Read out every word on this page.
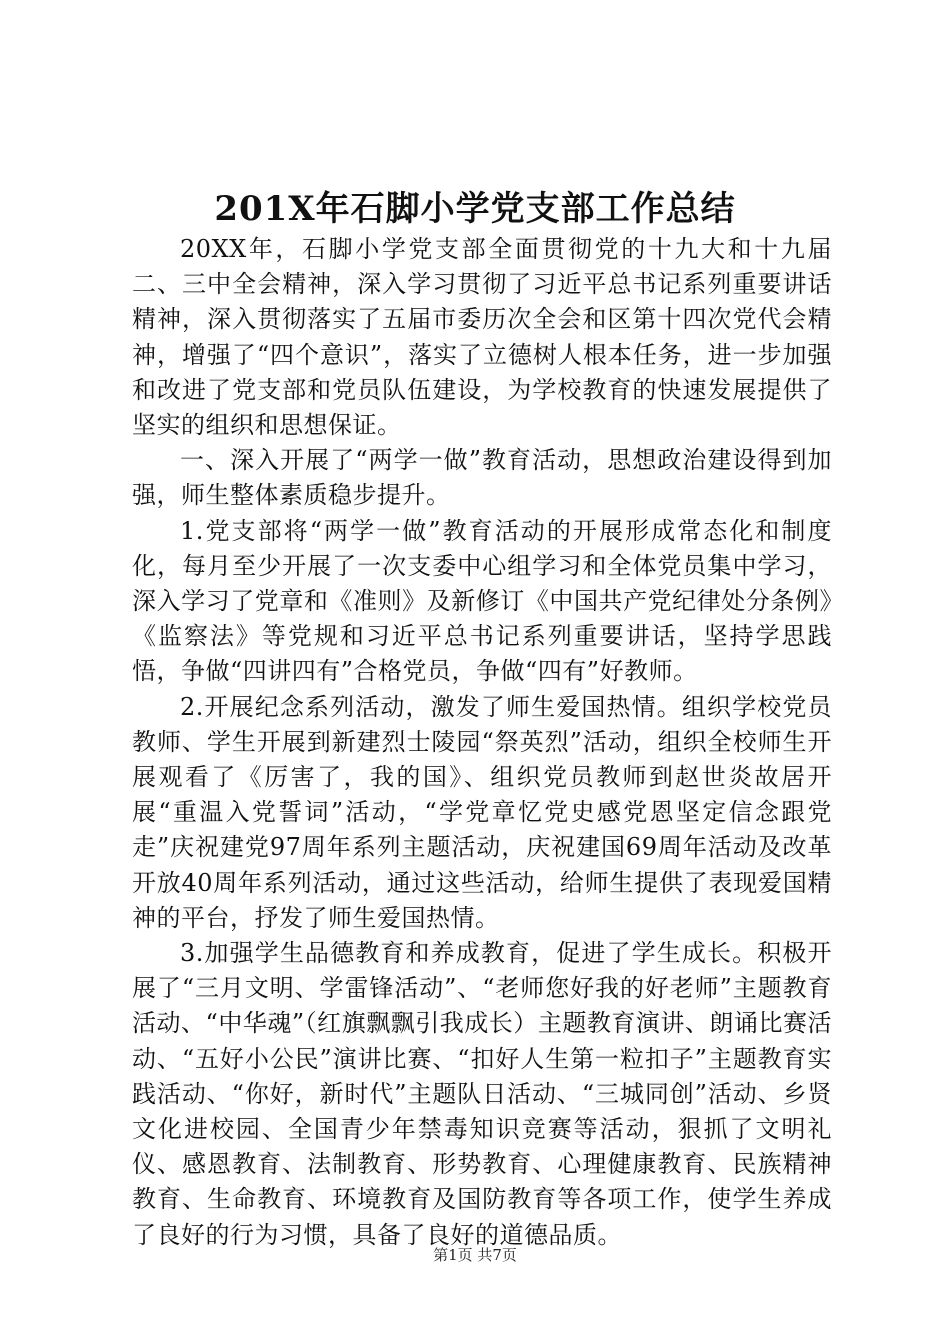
201X年石脚小学党支部工作总结

20XX年，石脚小学党支部全面贯彻党的十九大和十九届二、三中全会精神，深入学习贯彻了习近平总书记系列重要讲话精神，深入贯彻落实了五届市委历次全会和区第十四次党代会精神，增强了“四个意识”，落实了立德树人根本任务，进一步加强和改进了党支部和党员队伍建设，为学校教育的快速发展提供了坚实的组织和思想保证。

一、深入开展了“两学一做”教育活动，思想政治建设得到加强，师生整体素质稳步提升。

1.党支部将“两学一做”教育活动的开展形成常态化和制度化，每月至少开展了一次支委中心组学习和全体党员集中学习，深入学习了党章和《准则》及新修订《中国共产党纪律处分条例》《监察法》等党规和习近平总书记系列重要讲话，坚持学思践悟，争做“四讲四有”合格党员，争做“四有”好教师。

2.开展纪念系列活动，激发了师生爱国热情。组织学校党员教师、学生开展到新建烈士陵园“祭英烈”活动，组织全校师生开展观看了《厉害了，我的国》、组织党员教师到赵世炎故居开展“重温入党誓词”活动，“学党章忆党史感党恩坚定信念跟党走”庆祝建党97周年系列主题活动，庆祝建国69周年活动及改革开放40周年系列活动，通过这些活动，给师生提供了表现爱国精神的平台，抒发了师生爱国热情。

3.加强学生品德教育和养成教育，促进了学生成长。积极开展了“三月文明、学雷锋活动”、“老师您好我的好老师”主题教育活动、“中华魂”（红旗飘飘引我成长）主题教育演讲、朗诵比赛活动、“五好小公民”演讲比赛、“扣好人生第一粒扣子”主题教育实践活动、“你好，新时代”主题队日活动、“三城同创”活动、乡贤文化进校园、全国青少年禁毒知识竞赛等活动，狠抓了文明礼仪、感恩教育、法制教育、形势教育、心理健康教育、民族精神教育、生命教育、环境教育及国防教育等各项工作，使学生养成了良好的行为习惯，具备了良好的道德品质。

第1页 共7页
